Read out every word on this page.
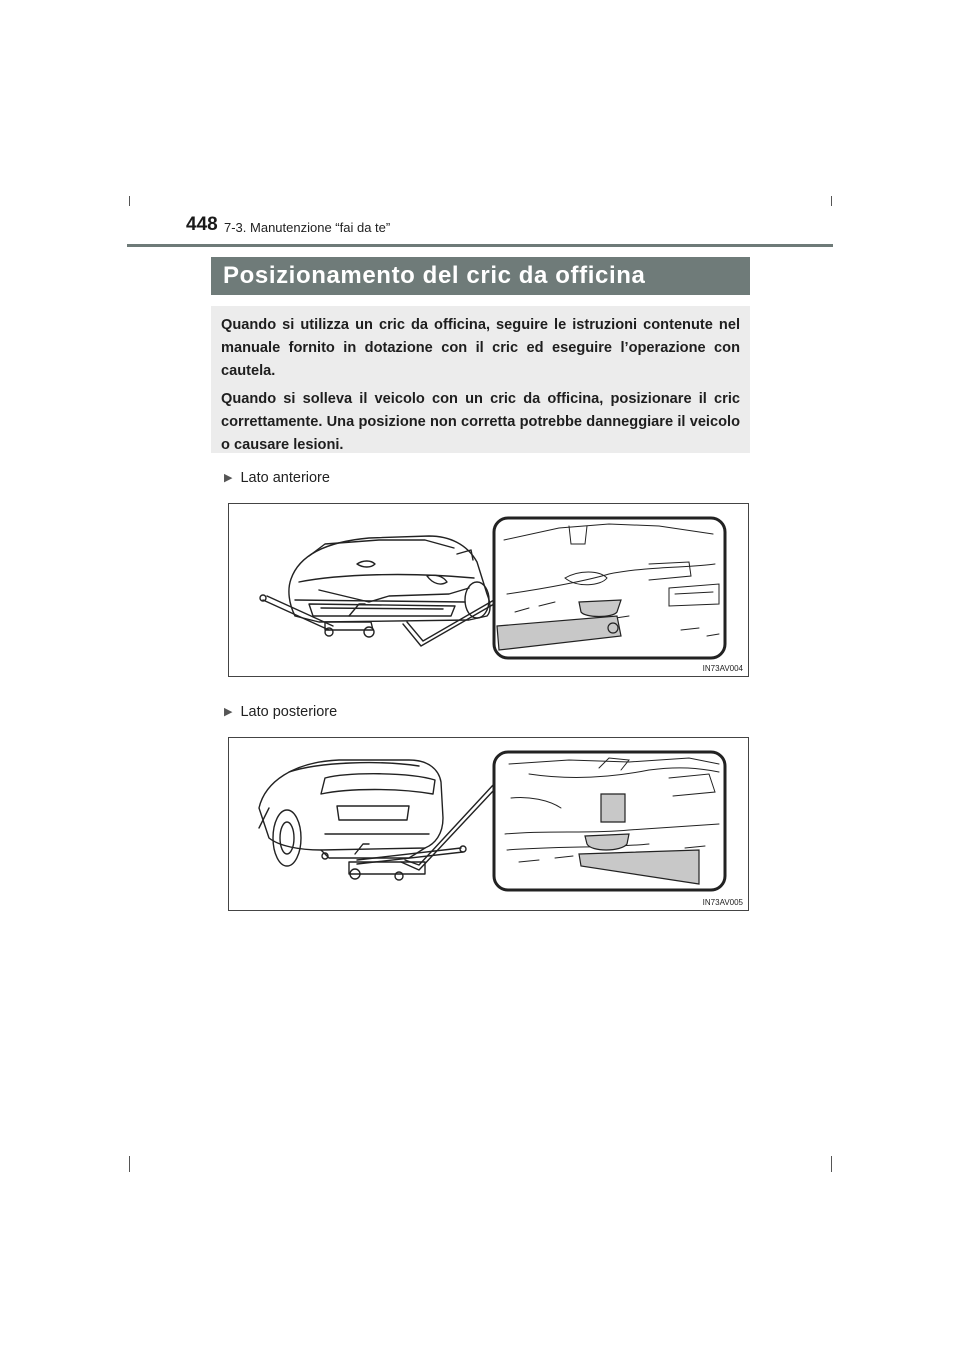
448 7-3. Manutenzione “fai da te”
Posizionamento del cric da officina

Quando si utilizza un cric da officina, seguire le istruzioni contenute nel manuale fornito in dotazione con il cric ed eseguire l’operazione con cautela.

Quando si solleva il veicolo con un cric da officina, posizionare il cric correttamente. Una posizione non corretta potrebbe danneggiare il veicolo o causare lesioni.

▶ Lato anteriore
IN73AV004
▶ Lato posteriore
IN73AV005
